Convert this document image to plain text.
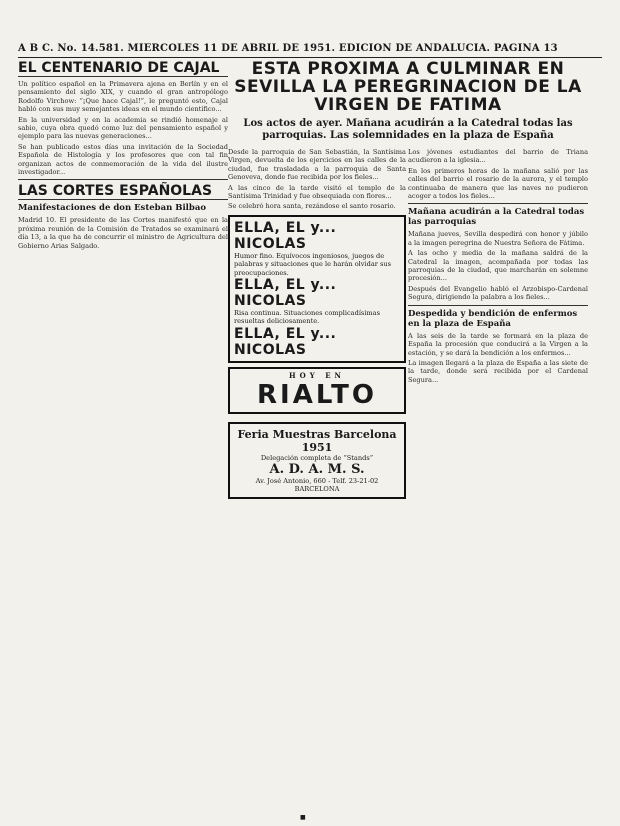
A B C. No. 14.581. MIERCOLES 11 DE ABRIL DE 1951. EDICION DE ANDALUCIA. PAGINA 13
EL CENTENARIO DE CAJAL

Un político español en la Primavera ajena en Berlín y en el pensamiento del siglo XIX, y cuando el gran antropólogo Rodolfo Virchow: “¡Que hace Cajal!”, le preguntó esto, Cajal habló con sus muy semejantes ideas en el mundo científico...

En la universidad y en la academia se rindió homenaje al sabio, cuya obra quedó como luz del pensamiento español y ejemplo para las nuevas generaciones...

Se han publicado estos días una invitación de la Sociedad Española de Histología y los profesores que con tal fin organizan actos de conmemoración de la vida del ilustre investigador...

LAS CORTES ESPAÑOLAS
Manifestaciones de don Esteban Bilbao

Madrid 10. El presidente de las Cortes manifestó que en la próxima reunión de la Comisión de Tratados se examinará el día 13, a la que ha de concurrir el ministro de Agricultura del Gobierno Arias Salgado.

ESTA PROXIMA A CULMINAR EN SEVILLA LA PEREGRINACION DE LA VIRGEN DE FATIMA
Los actos de ayer. Mañana acudirán a la Catedral todas las parroquias. Las solemnidades en la plaza de España

Desde la parroquia de San Sebastián, la Santísima Virgen, devuelta de los ejercicios en las calles de la ciudad, fue trasladada a la parroquia de Santa Genoveva, donde fue recibida por los fieles...

A las cinco de la tarde visitó el templo de la Santísima Trinidad y fue obsequiada con flores...

Se celebró hora santa, rezándose el santo rosario.

ELLA, EL y... NICOLAS
Humor fino. Equívocos ingeniosos, juegos de palabras y situaciones que le harán olvidar sus preocupaciones.
ELLA, EL y... NICOLAS
Risa continua. Situaciones complicadísimas resueltas deliciosamente.
ELLA, EL y... NICOLAS
HOY EN
RIALTO
Feria Muestras Barcelona 1951
Delegación completa de “Stands”
A. D. A. M. S.
Av. José Antonio, 660 - Telf. 23-21-02
BARCELONA

Los jóvenes estudiantes del barrio de Triana acudieron a la iglesia...

En los primeros horas de la mañana salió por las calles del barrio el rosario de la aurora, y el templo continuaba de manera que las naves no pudieron acoger a todos los fieles...

Mañana acudirán a la Catedral todas las parroquias

Mañana jueves, Sevilla despedirá con honor y júbilo a la imagen peregrina de Nuestra Señora de Fátima.

A las ocho y media de la mañana saldrá de la Catedral la imagen, acompañada por todas las parroquias de la ciudad, que marcharán en solemne procesión...

Después del Evangelio habló el Arzobispo-Cardenal Segura, dirigiendo la palabra a los fieles...

Despedida y bendición de enfermos en la plaza de España

A las seis de la tarde se formará en la plaza de España la procesión que conducirá a la Virgen a la estación, y se dará la bendición a los enfermos...

La imagen llegará a la plaza de España a las siete de la tarde, donde será recibida por el Cardenal Segura...

■
